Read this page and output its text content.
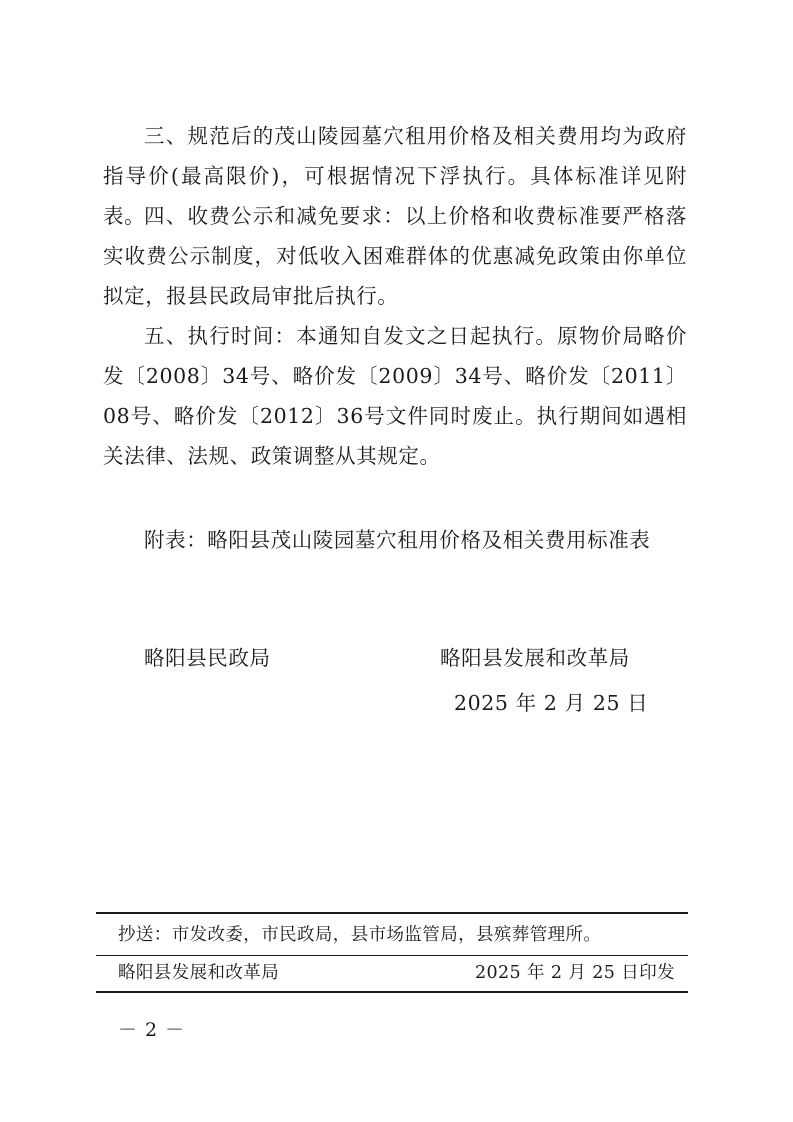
三、规范后的茂山陵园墓穴租用价格及相关费用均为政府指导价(最高限价)，可根据情况下浮执行。具体标准详见附表。

四、收费公示和减免要求：以上价格和收费标准要严格落实收费公示制度，对低收入困难群体的优惠减免政策由你单位拟定，报县民政局审批后执行。

五、执行时间：本通知自发文之日起执行。原物价局略价发〔2008〕34号、略价发〔2009〕34号、略价发〔2011〕08号、略价发〔2012〕36号文件同时废止。执行期间如遇相关法律、法规、政策调整从其规定。

附表：略阳县茂山陵园墓穴租用价格及相关费用标准表

略阳县民政局	略阳县发展和改革局

2025 年 2 月 25 日

抄送：市发改委，市民政局，县市场监管局，县殡葬管理所。

略阳县发展和改革局	2025 年 2 月 25 日印发

－ 2 －
